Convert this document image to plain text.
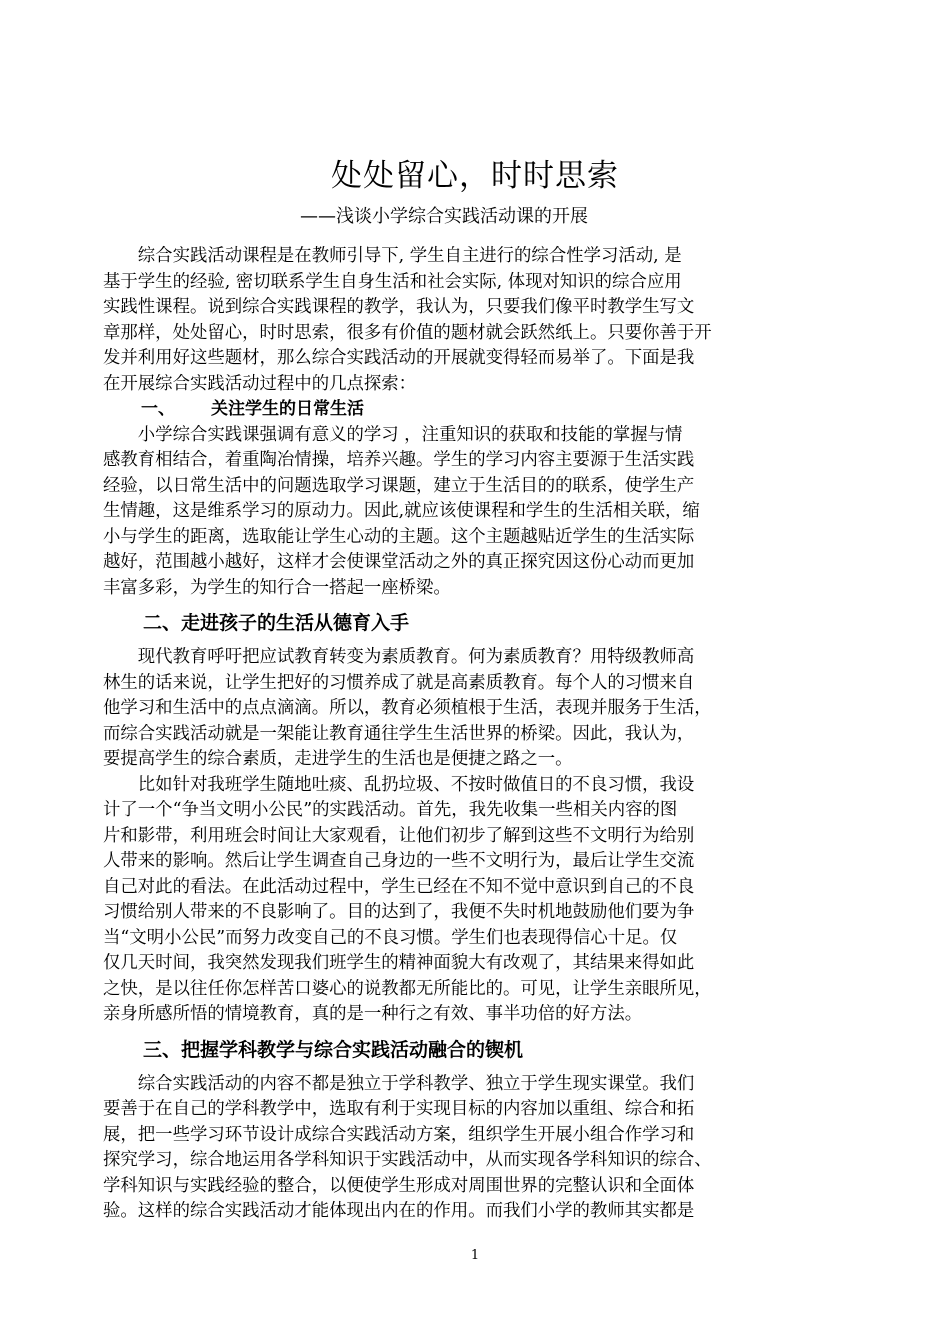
处处留心，时时思索
——浅谈小学综合实践活动课的开展
　　综合实践活动课程是在教师引导下, 学生自主进行的综合性学习活动, 是
基于学生的经验, 密切联系学生自身生活和社会实际, 体现对知识的综合应用
实践性课程。说到综合实践课程的教学，我认为，只要我们像平时教学生写文
章那样，处处留心，时时思索，很多有价值的题材就会跃然纸上。只要你善于开
发并利用好这些题材，那么综合实践活动的开展就变得轻而易举了。下面是我
在开展综合实践活动过程中的几点探索：
一、 关注学生的日常生活
　　小学综合实践课强调有意义的学习 ，注重知识的获取和技能的掌握与情
感教育相结合，着重陶冶情操，培养兴趣。学生的学习内容主要源于生活实践
经验，以日常生活中的问题选取学习课题，建立于生活目的的联系，使学生产
生情趣，这是维系学习的原动力。因此,就应该使课程和学生的生活相关联，缩
小与学生的距离，选取能让学生心动的主题。这个主题越贴近学生的生活实际
越好，范围越小越好，这样才会使课堂活动之外的真正探究因这份心动而更加
丰富多彩，为学生的知行合一搭起一座桥梁。
二、走进孩子的生活从德育入手
　　现代教育呼吁把应试教育转变为素质教育。何为素质教育？用特级教师高
林生的话来说，让学生把好的习惯养成了就是高素质教育。每个人的习惯来自
他学习和生活中的点点滴滴。所以，教育必须植根于生活，表现并服务于生活，
而综合实践活动就是一架能让教育通往学生生活世界的桥梁。因此，我认为，
要提高学生的综合素质，走进学生的生活也是便捷之路之一。
　　比如针对我班学生随地吐痰、乱扔垃圾、不按时做值日的不良习惯，我设
计了一个“争当文明小公民”的实践活动。首先，我先收集一些相关内容的图
片和影带，利用班会时间让大家观看，让他们初步了解到这些不文明行为给别
人带来的影响。然后让学生调查自己身边的一些不文明行为，最后让学生交流
自己对此的看法。在此活动过程中，学生已经在不知不觉中意识到自己的不良
习惯给别人带来的不良影响了。目的达到了，我便不失时机地鼓励他们要为争
当“文明小公民”而努力改变自己的不良习惯。学生们也表现得信心十足。仅
仅几天时间，我突然发现我们班学生的精神面貌大有改观了，其结果来得如此
之快，是以往任你怎样苦口婆心的说教都无所能比的。可见，让学生亲眼所见，
亲身所感所悟的情境教育，真的是一种行之有效、事半功倍的好方法。
三、把握学科教学与综合实践活动融合的锲机
　　综合实践活动的内容不都是独立于学科教学、独立于学生现实课堂。我们
要善于在自己的学科教学中，选取有利于实现目标的内容加以重组、综合和拓
展，把一些学习环节设计成综合实践活动方案，组织学生开展小组合作学习和
探究学习，综合地运用各学科知识于实践活动中，从而实现各学科知识的综合、
学科知识与实践经验的整合，以便使学生形成对周围世界的完整认识和全面体
验。这样的综合实践活动才能体现出内在的作用。而我们小学的教师其实都是
1
